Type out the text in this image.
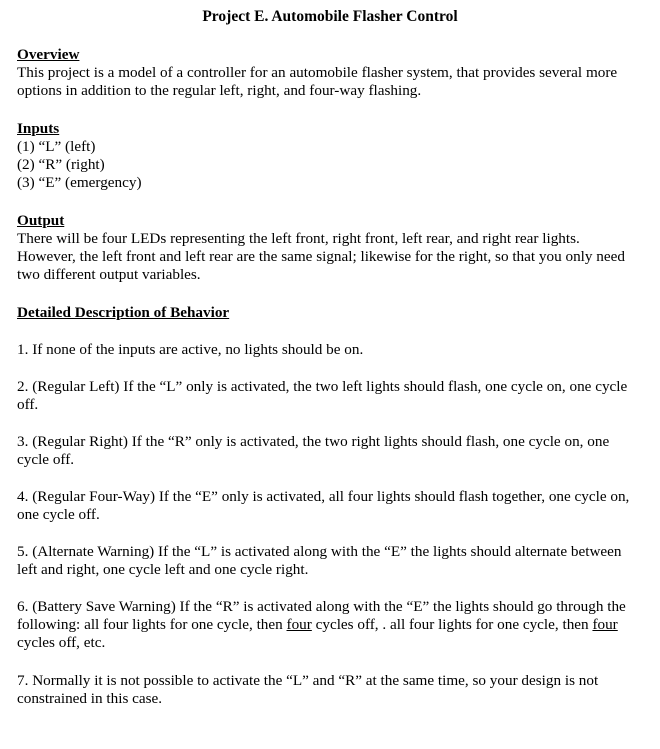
Project E. Automobile Flasher Control
Overview
This project is a model of a controller for an automobile flasher system, that provides several more options in addition to the regular left, right, and four-way flashing.
Inputs
(1) “L” (left)
(2) “R” (right)
(3) “E” (emergency)
Output
There will be four LEDs representing the left front, right front, left rear, and right rear lights. However, the left front and left rear are the same signal; likewise for the right, so that you only need two different output variables.
Detailed Description of Behavior
1. If none of the inputs are active, no lights should be on.
2. (Regular Left) If the “L” only is activated, the two left lights should flash, one cycle on, one cycle off.
3. (Regular Right) If the “R” only is activated, the two right lights should flash, one cycle on, one cycle off.
4. (Regular Four-Way) If the “E” only is activated, all four lights should flash together, one cycle on, one cycle off.
5. (Alternate Warning) If the “L” is activated along with the “E” the lights should alternate between left and right, one cycle left and one cycle right.
6. (Battery Save Warning) If the “R” is activated along with the “E” the lights should go through the following: all four lights for one cycle, then four cycles off, . all four lights for one cycle, then four cycles off, etc.
7. Normally it is not possible to activate the “L” and “R” at the same time, so your design is not constrained in this case.
